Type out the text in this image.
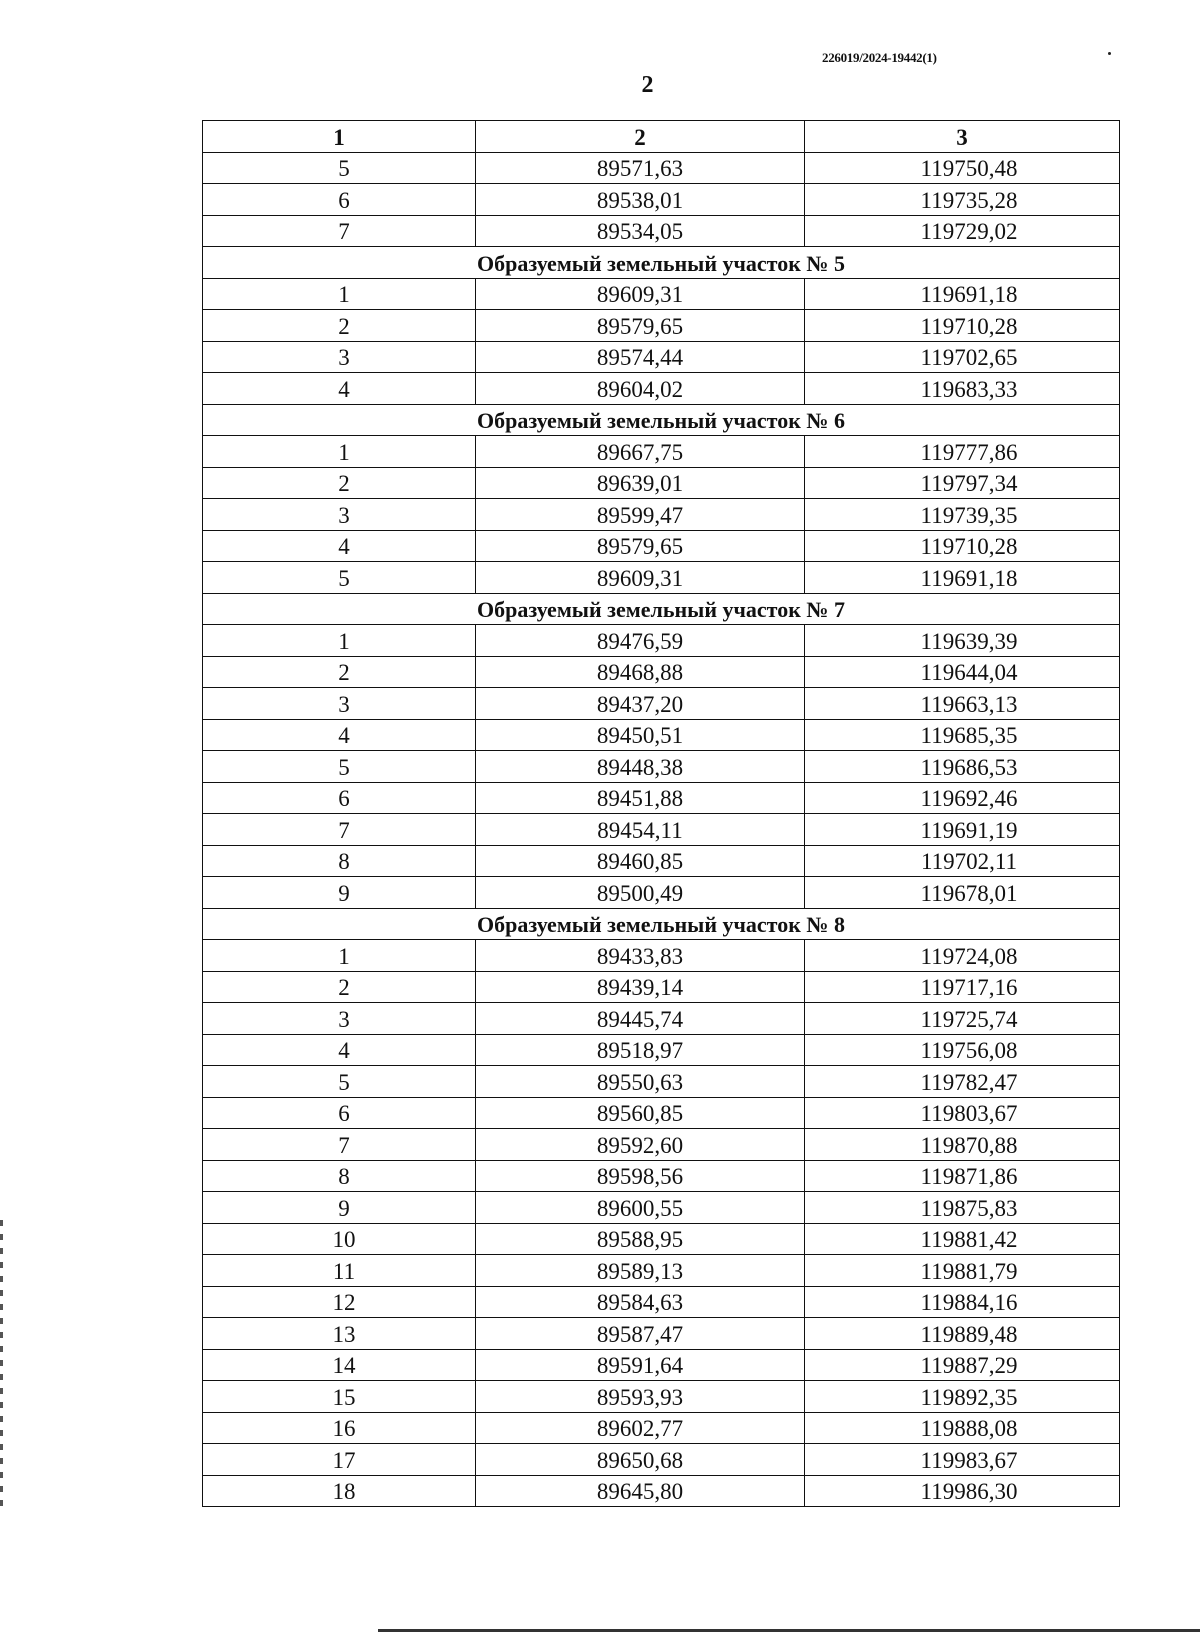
226019/2024-19442(1)
2
1	2	3
5	89571,63	119750,48
6	89538,01	119735,28
7	89534,05	119729,02
Образуемый земельный участок № 5		
1	89609,31	119691,18
2	89579,65	119710,28
3	89574,44	119702,65
4	89604,02	119683,33
Образуемый земельный участок № 6		
1	89667,75	119777,86
2	89639,01	119797,34
3	89599,47	119739,35
4	89579,65	119710,28
5	89609,31	119691,18
Образуемый земельный участок № 7		
1	89476,59	119639,39
2	89468,88	119644,04
3	89437,20	119663,13
4	89450,51	119685,35
5	89448,38	119686,53
6	89451,88	119692,46
7	89454,11	119691,19
8	89460,85	119702,11
9	89500,49	119678,01
Образуемый земельный участок № 8		
1	89433,83	119724,08
2	89439,14	119717,16
3	89445,74	119725,74
4	89518,97	119756,08
5	89550,63	119782,47
6	89560,85	119803,67
7	89592,60	119870,88
8	89598,56	119871,86
9	89600,55	119875,83
10	89588,95	119881,42
11	89589,13	119881,79
12	89584,63	119884,16
13	89587,47	119889,48
14	89591,64	119887,29
15	89593,93	119892,35
16	89602,77	119888,08
17	89650,68	119983,67
18	89645,80	119986,30
